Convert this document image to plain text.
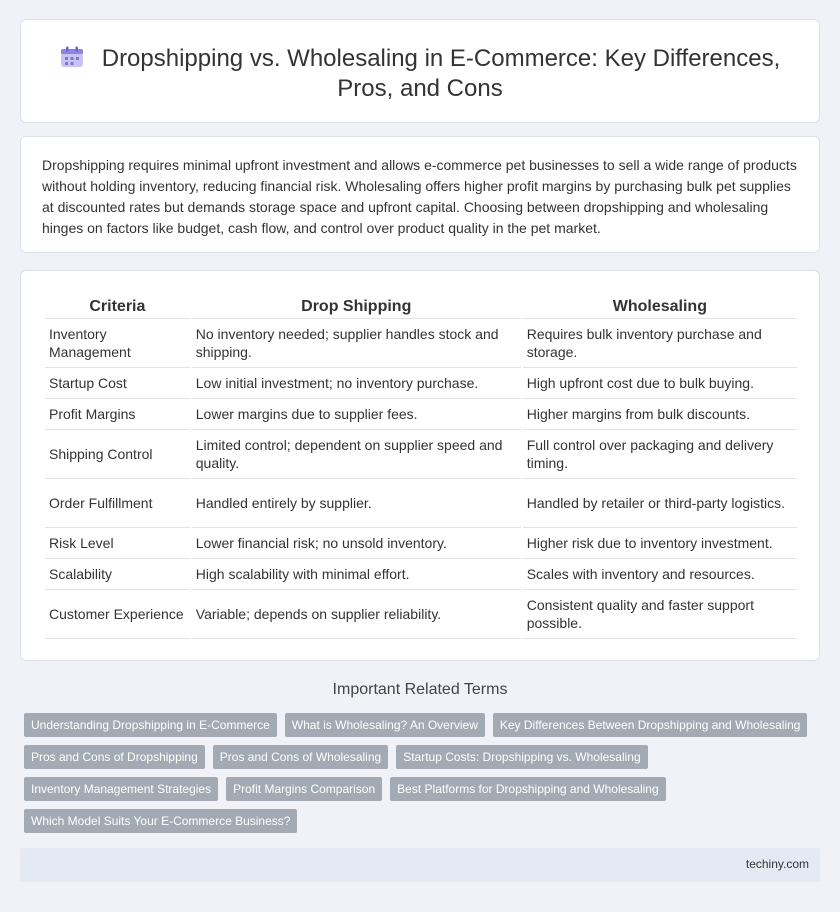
Dropshipping vs. Wholesaling in E-Commerce: Key Differences,
Pros, and Cons

Dropshipping requires minimal upfront investment and allows e-commerce pet businesses to sell a wide range of products without holding inventory, reducing financial risk. Wholesaling offers higher profit margins by purchasing bulk pet supplies at discounted rates but demands storage space and upfront capital. Choosing between dropshipping and wholesaling hinges on factors like budget, cash flow, and control over product quality in the pet market.

Criteria	Drop Shipping	Wholesaling
Inventory Management	No inventory needed; supplier handles stock and shipping.	Requires bulk inventory purchase and storage.
Startup Cost	Low initial investment; no inventory purchase.	High upfront cost due to bulk buying.
Profit Margins	Lower margins due to supplier fees.	Higher margins from bulk discounts.
Shipping Control	Limited control; dependent on supplier speed and quality.	Full control over packaging and delivery timing.
Order Fulfillment	Handled entirely by supplier.	Handled by retailer or third-party logistics.
Risk Level	Lower financial risk; no unsold inventory.	Higher risk due to inventory investment.
Scalability	High scalability with minimal effort.	Scales with inventory and resources.
Customer Experience	Variable; depends on supplier reliability.	Consistent quality and faster support possible.
Important Related Terms
Understanding Dropshipping in E-Commerce	What is Wholesaling? An Overview	Key Differences Between Dropshipping and Wholesaling
Pros and Cons of Dropshipping	Pros and Cons of Wholesaling	Startup Costs: Dropshipping vs. Wholesaling
Inventory Management Strategies	Profit Margins Comparison	Best Platforms for Dropshipping and Wholesaling
Which Model Suits Your E-Commerce Business?
techiny.com
